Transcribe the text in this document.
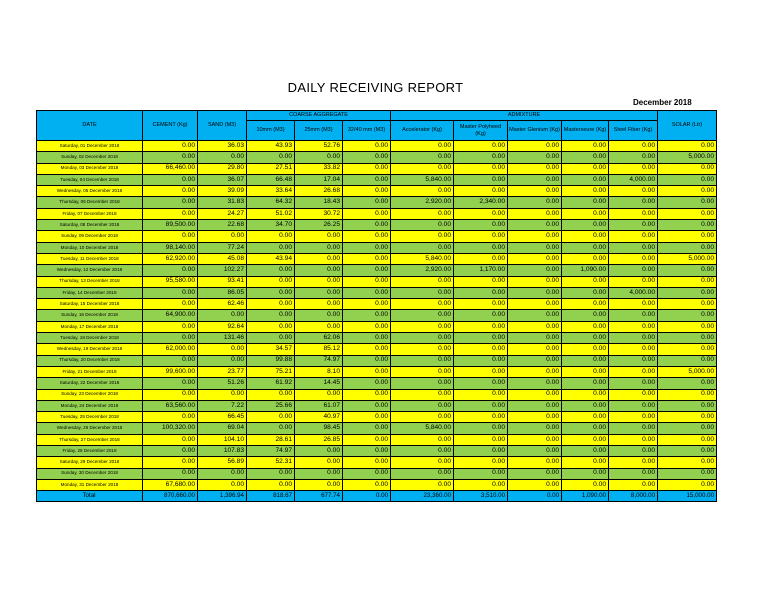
DAILY RECEIVING REPORT
December 2018
DATE	CEMENT (Kg)	SAND (M3)	COARSE AGGREGATE			ADMIXTURE					SOLAR (Ltr)
			10mm (M3)	25mm (M3)	32/40 mm (M3)	Accelerator (Kg)	Master Polyheed (Kg)	Master Glenium (Kg)	Masterseure (Kg)	Steel Fiber (Kg)	
Saturday, 01 December 2018	0.00	36.03	43.93	52.76	0.00	0.00	0.00	0.00	0.00	0.00	0.00
Sunday, 02 December 2018	0.00	0.00	0.00	0.00	0.00	0.00	0.00	0.00	0.00	0.00	5,000.00
Monday, 03 December 2018	66,460.00	29.80	27.51	33.82	0.00	0.00	0.00	0.00	0.00	0.00	0.00
Tuesday, 04 December 2018	0.00	36.07	66.48	17.04	0.00	5,840.00	0.00	0.00	0.00	4,000.00	0.00
Wednesday, 05 December 2018	0.00	39.09	33.64	26.68	0.00	0.00	0.00	0.00	0.00	0.00	0.00
Thursday, 06 December 2018	0.00	31.83	64.32	18.43	0.00	2,920.00	2,340.00	0.00	0.00	0.00	0.00
Friday, 07 December 2018	0.00	24.27	51.02	30.72	0.00	0.00	0.00	0.00	0.00	0.00	0.00
Saturday, 08 December 2018	89,500.00	22.68	34.70	26.25	0.00	0.00	0.00	0.00	0.00	0.00	0.00
Sunday, 09 December 2018	0.00	0.00	0.00	0.00	0.00	0.00	0.00	0.00	0.00	0.00	0.00
Monday, 10 December 2018	98,140.00	77.24	0.00	0.00	0.00	0.00	0.00	0.00	0.00	0.00	0.00
Tuesday, 11 December 2018	62,920.00	45.08	43.94	0.00	0.00	5,840.00	0.00	0.00	0.00	0.00	5,000.00
Wednesday, 12 December 2018	0.00	102.27	0.00	0.00	0.00	2,920.00	1,170.00	0.00	1,090.00	0.00	0.00
Thursday, 13 December 2018	95,580.00	93.41	0.00	0.00	0.00	0.00	0.00	0.00	0.00	0.00	0.00
Friday, 14 December 2018	0.00	86.05	0.00	0.00	0.00	0.00	0.00	0.00	0.00	4,000.00	0.00
Saturday, 15 December 2018	0.00	62.46	0.00	0.00	0.00	0.00	0.00	0.00	0.00	0.00	0.00
Sunday, 16 December 2018	64,900.00	0.00	0.00	0.00	0.00	0.00	0.00	0.00	0.00	0.00	0.00
Monday, 17 December 2018	0.00	92.64	0.00	0.00	0.00	0.00	0.00	0.00	0.00	0.00	0.00
Tuesday, 18 December 2018	0.00	131.46	0.00	62.06	0.00	0.00	0.00	0.00	0.00	0.00	0.00
Wednesday, 19 December 2018	62,000.00	0.00	34.57	85.12	0.00	0.00	0.00	0.00	0.00	0.00	0.00
Thursday, 20 December 2018	0.00	0.00	99.88	74.97	0.00	0.00	0.00	0.00	0.00	0.00	0.00
Friday, 21 December 2018	99,600.00	23.77	75.21	8.10	0.00	0.00	0.00	0.00	0.00	0.00	5,000.00
Saturday, 22 December 2018	0.00	51.26	61.92	14.45	0.00	0.00	0.00	0.00	0.00	0.00	0.00
Sunday, 23 December 2018	0.00	0.00	0.00	0.00	0.00	0.00	0.00	0.00	0.00	0.00	0.00
Monday, 24 December 2018	63,560.00	7.22	25.66	61.07	0.00	0.00	0.00	0.00	0.00	0.00	0.00
Tuesday, 25 December 2018	0.00	66.45	0.00	40.97	0.00	0.00	0.00	0.00	0.00	0.00	0.00
Wednesday, 26 December 2018	100,320.00	69.04	0.00	98.45	0.00	5,840.00	0.00	0.00	0.00	0.00	0.00
Thursday, 27 December 2018	0.00	104.10	28.61	26.85	0.00	0.00	0.00	0.00	0.00	0.00	0.00
Friday, 28 December 2018	0.00	107.83	74.97	0.00	0.00	0.00	0.00	0.00	0.00	0.00	0.00
Saturday, 29 December 2018	0.00	56.89	52.31	0.00	0.00	0.00	0.00	0.00	0.00	0.00	0.00
Sunday, 30 December 2018	0.00	0.00	0.00	0.00	0.00	0.00	0.00	0.00	0.00	0.00	0.00
Monday, 31 December 2018	67,680.00	0.00	0.00	0.00	0.00	0.00	0.00	0.00	0.00	0.00	0.00
Total	870,660.00	1,396.94	818.67	677.74	0.00	23,360.00	3,510.00	0.00	1,090.00	8,000.00	15,000.00
